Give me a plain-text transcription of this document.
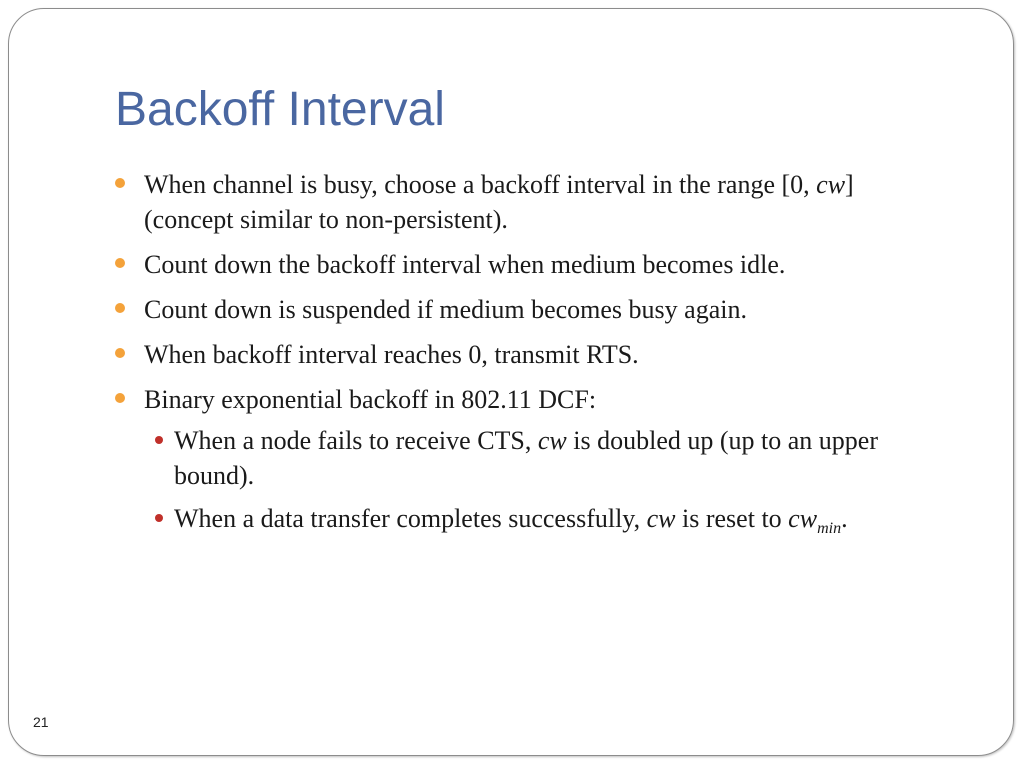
Backoff Interval
When channel is busy, choose a backoff interval in the range [0, cw] (concept similar to non-persistent).
Count down the backoff interval when medium becomes idle.
Count down is suspended if medium becomes busy again.
When backoff interval reaches 0, transmit RTS.
Binary exponential backoff in 802.11 DCF:
When a node fails to receive CTS, cw is doubled up (up to an upper bound).
When a data transfer completes successfully, cw is reset to $cw_{min}$.
21
